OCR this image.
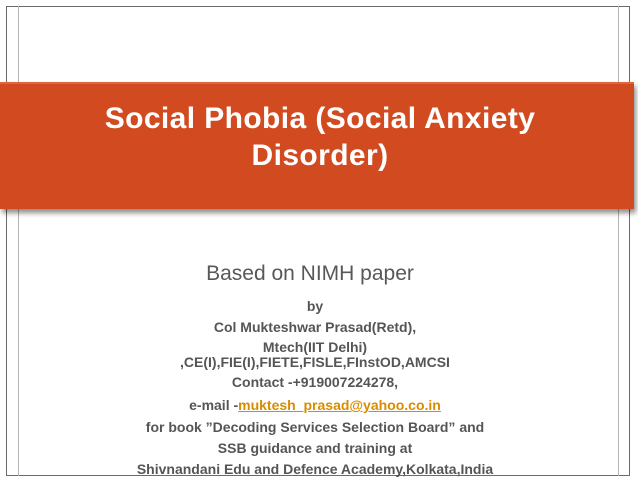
Social Phobia (Social Anxiety
Disorder)
Based on NIMH paper
by
Col Mukteshwar Prasad(Retd),
Mtech(IIT Delhi)
,CE(I),FIE(I),FIETE,FISLE,FInstOD,AMCSI
Contact -+919007224278,
e-mail -muktesh_prasad@yahoo.co.in
for book ”Decoding Services Selection Board” and
SSB guidance and training at
Shivnandani Edu and Defence Academy,Kolkata,India
